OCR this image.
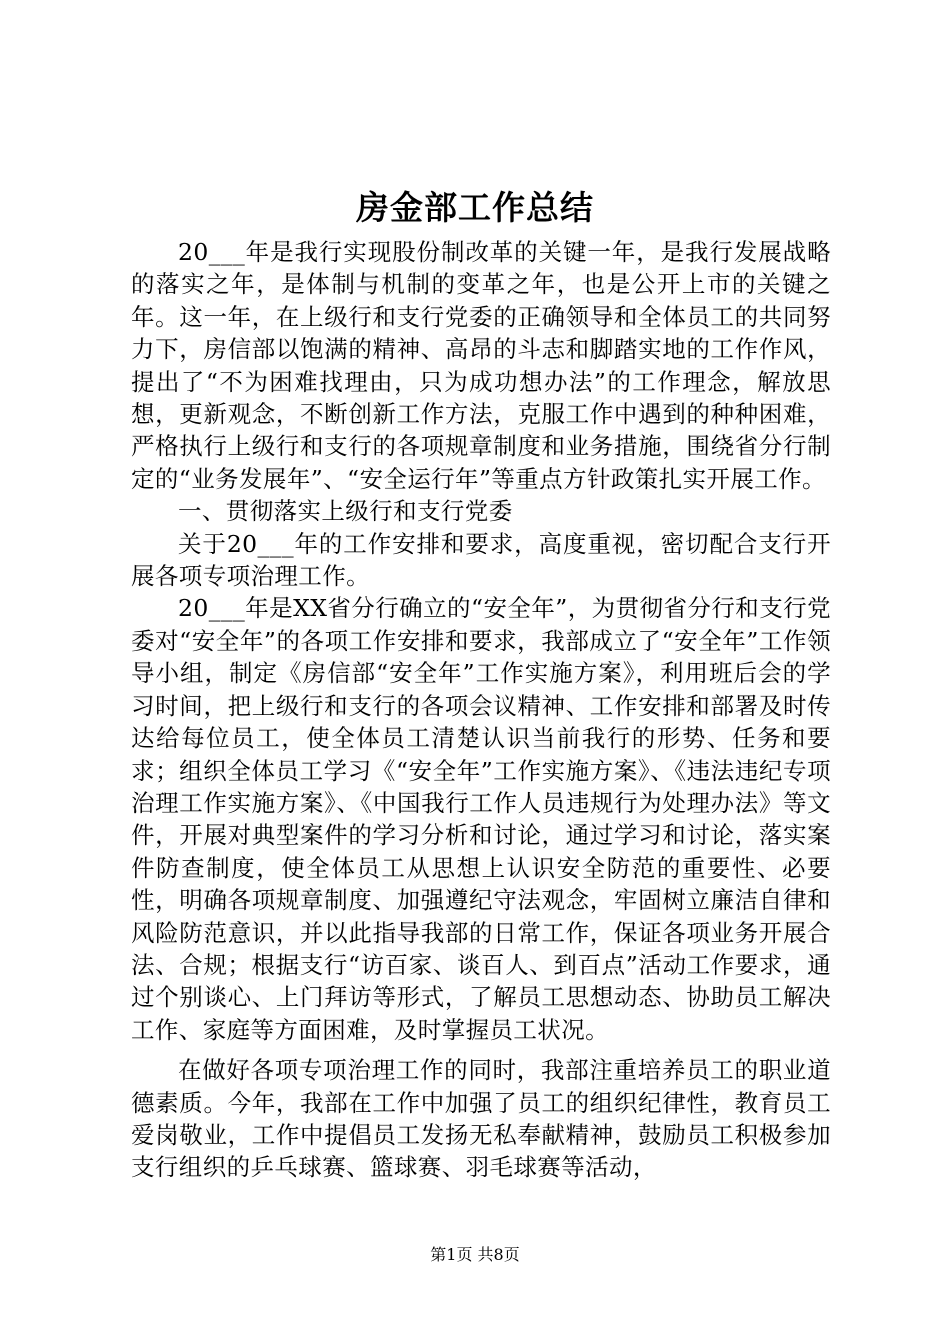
房金部工作总结

20___年是我行实现股份制改革的关键一年，是我行发展战略的落实之年，是体制与机制的变革之年，也是公开上市的关键之年。这一年，在上级行和支行党委的正确领导和全体员工的共同努力下，房信部以饱满的精神、高昂的斗志和脚踏实地的工作作风，提出了“不为困难找理由，只为成功想办法”的工作理念，解放思想，更新观念，不断创新工作方法，克服工作中遇到的种种困难，严格执行上级行和支行的各项规章制度和业务措施，围绕省分行制定的“业务发展年”、“安全运行年”等重点方针政策扎实开展工作。

一、贯彻落实上级行和支行党委

关于20___年的工作安排和要求，高度重视，密切配合支行开展各项专项治理工作。

20___年是XX省分行确立的“安全年”，为贯彻省分行和支行党委对“安全年”的各项工作安排和要求，我部成立了“安全年”工作领导小组，制定《房信部“安全年”工作实施方案》，利用班后会的学习时间，把上级行和支行的各项会议精神、工作安排和部署及时传达给每位员工，使全体员工清楚认识当前我行的形势、任务和要求；组织全体员工学习《“安全年”工作实施方案》、《违法违纪专项治理工作实施方案》、《中国我行工作人员违规行为处理办法》等文件，开展对典型案件的学习分析和讨论，通过学习和讨论，落实案件防查制度，使全体员工从思想上认识安全防范的重要性、必要性，明确各项规章制度、加强遵纪守法观念，牢固树立廉洁自律和风险防范意识，并以此指导我部的日常工作，保证各项业务开展合法、合规；根据支行“访百家、谈百人、到百点”活动工作要求，通过个别谈心、上门拜访等形式，了解员工思想动态、协助员工解决工作、家庭等方面困难，及时掌握员工状况。

在做好各项专项治理工作的同时，我部注重培养员工的职业道德素质。今年，我部在工作中加强了员工的组织纪律性，教育员工爱岗敬业，工作中提倡员工发扬无私奉献精神，鼓励员工积极参加支行组织的乒乓球赛、篮球赛、羽毛球赛等活动，

第1页 共8页
